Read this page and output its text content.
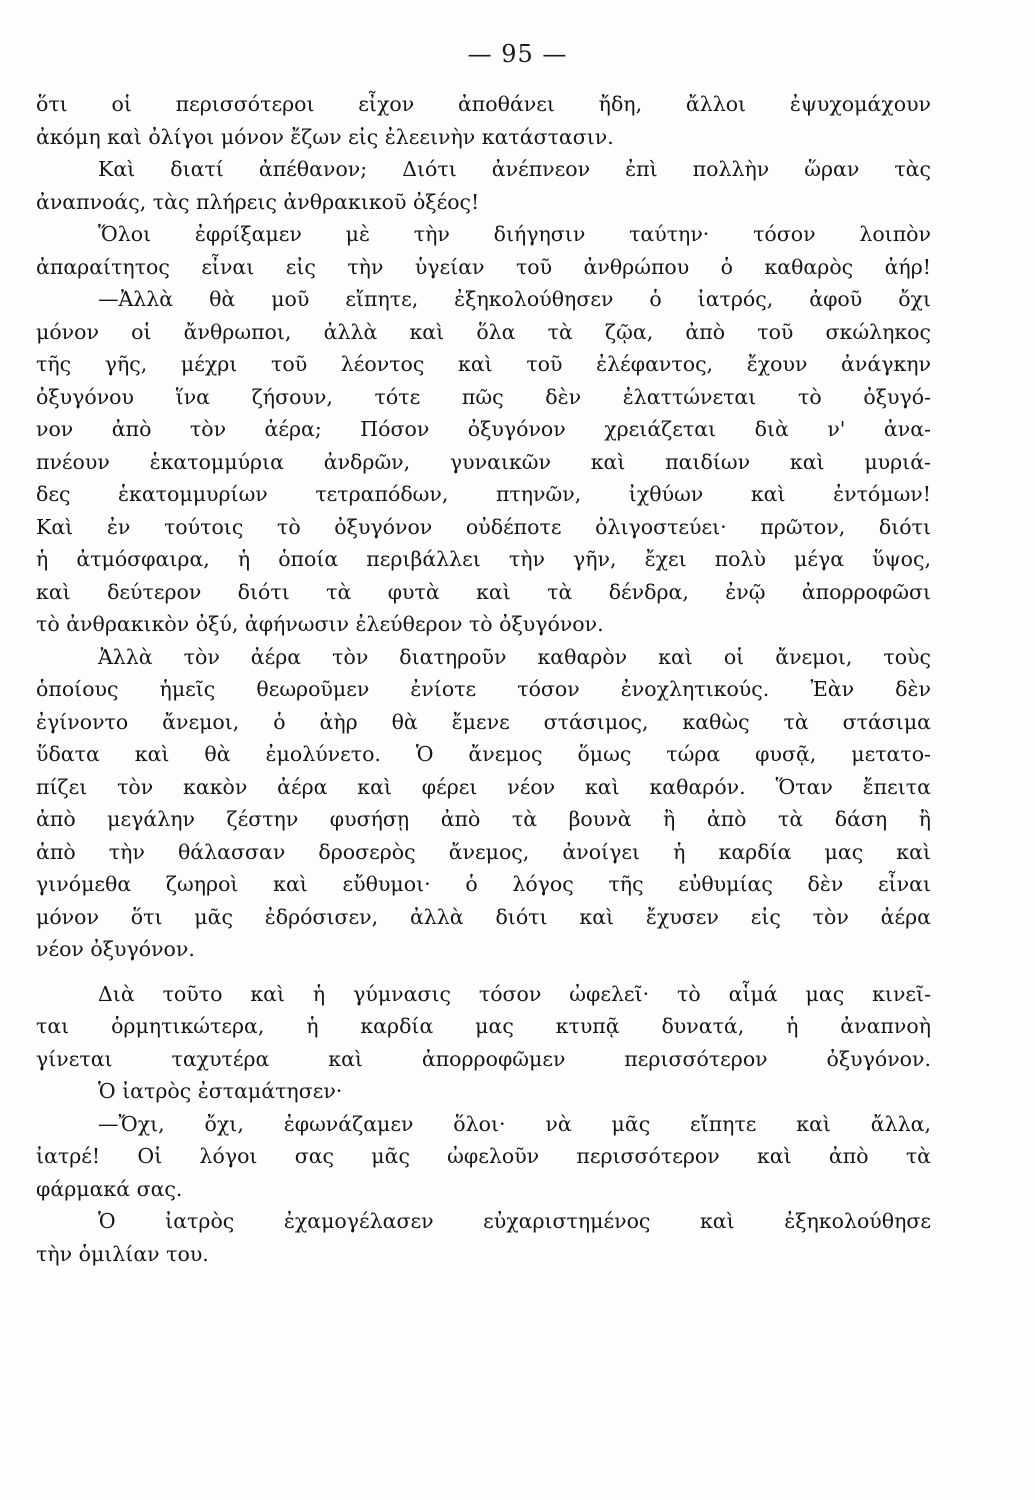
— 95 —
ὅτι οἱ περισσότεροι εἶχον ἀποθάνει ἤδη, ἄλλοι ἐψυχομάχουν
ἀκόμη καὶ ὀλίγοι μόνον ἔζων εἰς ἐλεεινὴν κατάστασιν.
Καὶ διατί ἀπέθανον; Διότι ἀνέπνεον ἐπὶ πολλὴν ὥραν τὰς
ἀναπνοάς, τὰς πλήρεις ἀνθρακικοῦ ὀξέος!
Ὅλοι ἐφρίξαμεν μὲ τὴν διήγησιν ταύτην· τόσον λοιπὸν
ἀπαραίτητος εἶναι εἰς τὴν ὑγείαν τοῦ ἀνθρώπου ὁ καθαρὸς ἀήρ!
—Ἀλλὰ θὰ μοῦ εἴπητε, ἐξηκολούθησεν ὁ ἰατρός, ἀφοῦ ὄχι
μόνον οἱ ἄνθρωποι, ἀλλὰ καὶ ὅλα τὰ ζῷα, ἀπὸ τοῦ σκώληκος
τῆς γῆς, μέχρι τοῦ λέοντος καὶ τοῦ ἐλέφαντος, ἔχουν ἀνάγκην
ὀξυγόνου ἵνα ζήσουν, τότε πῶς δὲν ἐλαττώνεται τὸ ὀξυγό-
νον ἀπὸ τὸν ἀέρα; Πόσον ὀξυγόνον χρειάζεται διὰ ν' ἀνα-
πνέουν ἑκατομμύρια ἀνδρῶν, γυναικῶν καὶ παιδίων καὶ μυριά-
δες ἑκατομμυρίων τετραπόδων, πτηνῶν, ἰχθύων καὶ ἐντόμων!
Καὶ ἐν τούτοις τὸ ὀξυγόνον οὐδέποτε ὀλιγοστεύει· πρῶτον, διότι
ἡ ἀτμόσφαιρα, ἡ ὁποία περιβάλλει τὴν γῆν, ἔχει πολὺ μέγα ὕψος,
καὶ δεύτερον διότι τὰ φυτὰ καὶ τὰ δένδρα, ἐνῷ ἀπορροφῶσι
τὸ ἀνθρακικὸν ὀξύ, ἀφήνωσιν ἐλεύθερον τὸ ὀξυγόνον.
Ἀλλὰ τὸν ἀέρα τὸν διατηροῦν καθαρὸν καὶ οἱ ἄνεμοι, τοὺς
ὁποίους ἡμεῖς θεωροῦμεν ἐνίοτε τόσον ἐνοχλητικούς. Ἐὰν δὲν
ἐγίνοντο ἄνεμοι, ὁ ἀὴρ θὰ ἔμενε στάσιμος, καθὼς τὰ στάσιμα
ὕδατα καὶ θὰ ἐμολύνετο. Ὁ ἄνεμος ὅμως τώρα φυσᾷ, μετατο-
πίζει τὸν κακὸν ἀέρα καὶ φέρει νέον καὶ καθαρόν. Ὅταν ἔπειτα
ἀπὸ μεγάλην ζέστην φυσήσῃ ἀπὸ τὰ βουνὰ ἢ ἀπὸ τὰ δάση ἢ
ἀπὸ τὴν θάλασσαν δροσερὸς ἄνεμος, ἀνοίγει ἡ καρδία μας καὶ
γινόμεθα ζωηροὶ καὶ εὔθυμοι· ὁ λόγος τῆς εὐθυμίας δὲν εἶναι
μόνον ὅτι μᾶς ἐδρόσισεν, ἀλλὰ διότι καὶ ἔχυσεν εἰς τὸν ἀέρα
νέον ὀξυγόνον.
Διὰ τοῦτο καὶ ἡ γύμνασις τόσον ὠφελεῖ· τὸ αἷμά μας κινεῖ-
ται ὁρμητικώτερα, ἡ καρδία μας κτυπᾷ δυνατά, ἡ ἀναπνοὴ
γίνεται ταχυτέρα καὶ ἀπορροφῶμεν περισσότερον ὀξυγόνον.
Ὁ ἰατρὸς ἐσταμάτησεν·
—Ὄχι, ὄχι, ἐφωνάζαμεν ὅλοι· νὰ μᾶς εἴπητε καὶ ἄλλα,
ἰατρέ! Οἱ λόγοι σας μᾶς ὠφελοῦν περισσότερον καὶ ἀπὸ τὰ
φάρμακά σας.
Ὁ ἰατρὸς ἐχαμογέλασεν εὐχαριστημένος καὶ ἐξηκολούθησε
τὴν ὁμιλίαν του.
